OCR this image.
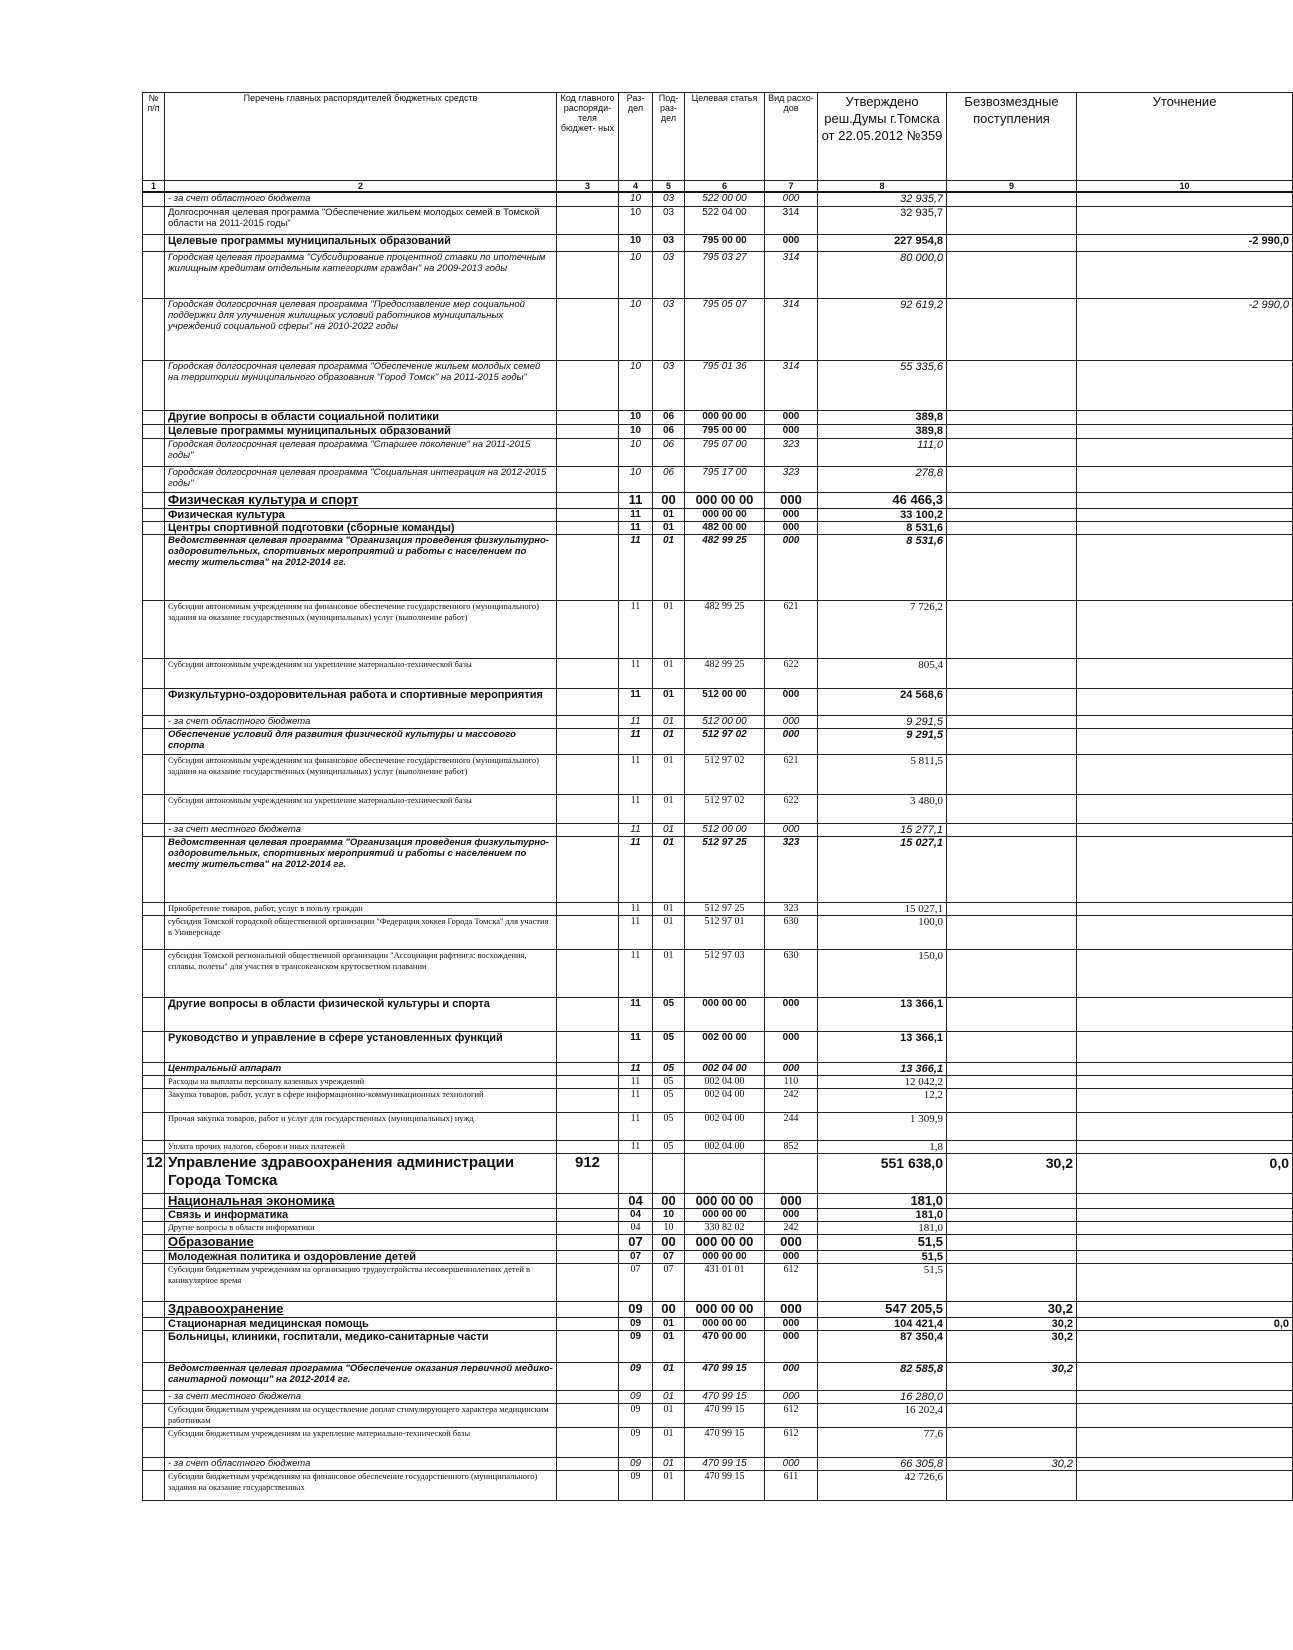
№ п/п	Перечень главных распорядителей бюджетных средств	Код главного распоряди- теля бюджет- ных	Раз- дел	Под- раз- дел	Целевая статья	Вид расхо- дов	Утверждено реш.Думы г.Томска от 22.05.2012 №359	Безвозмездные поступления	Уточнение
1	2	3	4	5	6	7	8	9	10
	- за счет областного бюджета		10	03	522 00 00	000	32 935,7		
	Долгосрочная целевая программа "Обеспечение жильем молодых семей в Томской области на 2011-2015 годы"		10	03	522 04 00	314	32 935,7		
	Целевые программы муниципальных образований		10	03	795 00 00	000	227 954,8		-2 990,0
	Городская целевая программа "Субсидирование процентной ставки по ипотечным жилищным кредитам отдельным категориям граждан" на 2009-2013 годы		10	03	795 03 27	314	80 000,0		
	Городская долгосрочная целевая программа "Предоставление мер социальной поддержки для улучшения жилищных условий работников муниципальных учреждений социальной сферы" на 2010-2022 годы		10	03	795 05 07	314	92 619,2		-2 990,0
	Городская долгосрочная целевая программа "Обеспечение жильем молодых семей на территории муниципального образования "Город Томск" на 2011-2015 годы"		10	03	795 01 36	314	55 335,6		
	Другие вопросы в области социальной политики		10	06	000 00 00	000	389,8		
	Целевые программы муниципальных образований		10	06	795 00 00	000	389,8		
	Городская долгосрочная целевая программа "Старшее поколение" на 2011-2015 годы"		10	06	795 07 00	323	111,0		
	Городская долгосрочная целевая программа "Социальная интеграция на 2012-2015 годы"		10	06	795 17 00	323	278,8		
	Физическая культура и спорт		11	00	000 00 00	000	46 466,3		
	Физическая культура		11	01	000 00 00	000	33 100,2		
	Центры спортивной подготовки (сборные команды)		11	01	482 00 00	000	8 531,6		
	Ведомственная целевая программа "Организация проведения физкультурно-оздоровительных, спортивных мероприятий и работы с населением по месту жительства" на 2012-2014 гг.		11	01	482 99 25	000	8 531,6		
	Субсидии автономным учреждениям на финансовое обеспечение государственного (муниципального) задания на оказание государственных (муниципальных) услуг (выполнение работ)		11	01	482 99 25	621	7 726,2		
	Субсидии автономным учреждениям на укрепление материально-технической базы		11	01	482 99 25	622	805,4		
	Физкультурно-оздоровительная работа и спортивные мероприятия		11	01	512 00 00	000	24 568,6		
	- за счет областного бюджета		11	01	512 00 00	000	9 291,5		
	Обеспечение условий для развития физической культуры и массового спорта		11	01	512 97 02	000	9 291,5		
	Субсидии автономным учреждениям на финансовое обеспечение государственного (муниципального) задания на оказание государственных (муниципальных) услуг (выполнение работ)		11	01	512 97 02	621	5 811,5		
	Субсидии автономным учреждениям на укрепление материально-технической базы		11	01	512 97 02	622	3 480,0		
	- за счет местного бюджета		11	01	512 00 00	000	15 277,1		
	Ведомственная целевая программа "Организация проведения физкультурно-оздоровительных, спортивных мероприятий и работы с населением по месту жительства" на 2012-2014 гг.		11	01	512 97 25	323	15 027,1		
	Приобретение товаров, работ, услуг в пользу граждан		11	01	512 97 25	323	15 027,1		
	субсидия Томской городской общественной организации "Федерация хоккея Города Томска" для участия в Универсиаде		11	01	512 97 01	630	100,0		
	субсидия Томской региональной общественной организации "Ассоциация рафтинга: восхождения, сплавы, полеты" для участия в трансокеанском крутосветном плавании		11	01	512 97 03	630	150,0		
	Другие вопросы в области физической культуры и спорта		11	05	000 00 00	000	13 366,1		
	Руководство и управление в сфере установленных функций		11	05	002 00 00	000	13 366,1		
	Центральный аппарат		11	05	002 04 00	000	13 366,1		
	Расходы на выплаты персоналу казенных учреждений		11	05	002 04 00	110	12 042,2		
	Закупка товаров, работ, услуг в сфере информационно-коммуникационных технологий		11	05	002 04 00	242	12,2		
	Прочая закупка товаров, работ и услуг для государственных (муниципальных) нужд		11	05	002 04 00	244	1 309,9		
	Уплата прочих налогов, сборов и иных платежей		11	05	002 04 00	852	1,8		
12	Управление здравоохранения администрации Города Томска	912					551 638,0	30,2	0,0
	Национальная экономика		04	00	000 00 00	000	181,0		
	Связь и информатика		04	10	000 00 00	000	181,0		
	Другие вопросы в области информатики		04	10	330 82 02	242	181,0		
	Образование		07	00	000 00 00	000	51,5		
	Молодежная политика и оздоровление детей		07	07	000 00 00	000	51,5		
	Субсидии бюджетным учреждениям на организацию трудоустройства несовершеннолетних детей в каникулярное время		07	07	431 01 01	612	51,5		
	Здравоохранение		09	00	000 00 00	000	547 205,5	30,2	
	Стационарная медицинская помощь		09	01	000 00 00	000	104 421,4	30,2	0,0
	Больницы, клиники, госпитали, медико-санитарные части		09	01	470 00 00	000	87 350,4	30,2	
	Ведомственная целевая программа "Обеспечение оказания первичной медико-санитарной помощи" на 2012-2014 гг.		09	01	470 99 15	000	82 585,8	30,2	
	- за счет местного бюджета		09	01	470 99 15	000	16 280,0		
	Субсидии бюджетным учреждениям на осуществление доплат стимулирующего характера медицинским работникам		09	01	470 99 15	612	16 202,4		
	Субсидии бюджетным учреждениям на укрепление материально-технической базы		09	01	470 99 15	612	77,6		
	- за счет областного бюджета		09	01	470 99 15	000	66 305,8	30,2	
	Субсидии бюджетным учреждениям на финансовое обеспечение государственного (муниципального) задания на оказание государственных		09	01	470 99 15	611	42 726,6		
